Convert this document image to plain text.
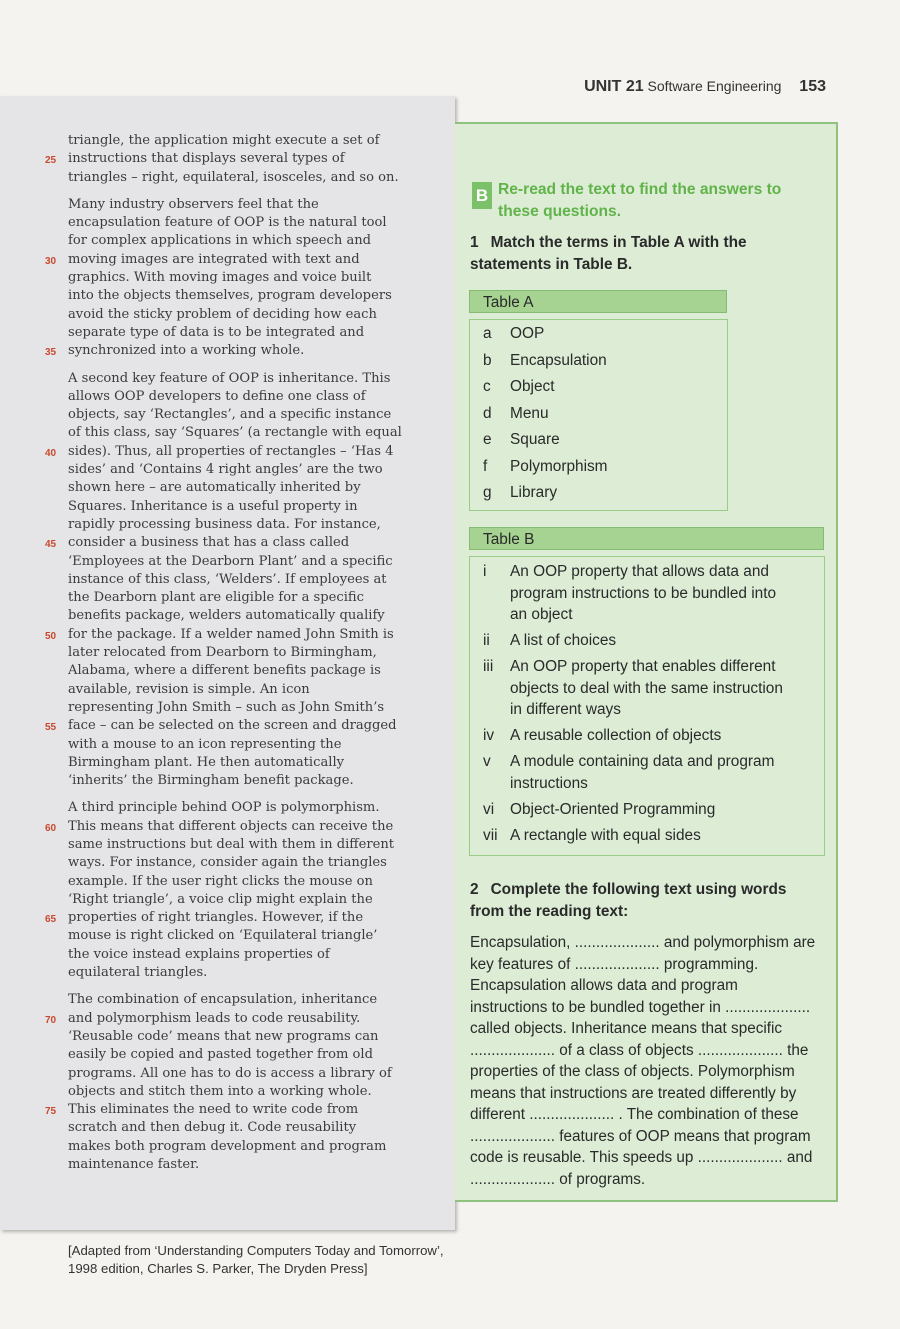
UNIT 21 Software Engineering 153
triangle, the application might execute a set of
instructions that displays several types of
25
triangles – right, equilateral, isosceles, and so on.
Many industry observers feel that the
encapsulation feature of OOP is the natural tool
for complex applications in which speech and
moving images are integrated with text and
30
graphics. With moving images and voice built
into the objects themselves, program developers
avoid the sticky problem of deciding how each
separate type of data is to be integrated and
synchronized into a working whole.
35
A second key feature of OOP is inheritance. This
allows OOP developers to define one class of
objects, say ‘Rectangles’, and a specific instance
of this class, say ‘Squares’ (a rectangle with equal
sides). Thus, all properties of rectangles – ‘Has 4
40
sides’ and ‘Contains 4 right angles’ are the two
shown here – are automatically inherited by
Squares. Inheritance is a useful property in
rapidly processing business data. For instance,
consider a business that has a class called
45
‘Employees at the Dearborn Plant’ and a specific
instance of this class, ‘Welders’. If employees at
the Dearborn plant are eligible for a specific
benefits package, welders automatically qualify
for the package. If a welder named John Smith is
50
later relocated from Dearborn to Birmingham,
Alabama, where a different benefits package is
available, revision is simple. An icon
representing John Smith – such as John Smith’s
face – can be selected on the screen and dragged
55
with a mouse to an icon representing the
Birmingham plant. He then automatically
‘inherits’ the Birmingham benefit package.
A third principle behind OOP is polymorphism.
This means that different objects can receive the
60
same instructions but deal with them in different
ways. For instance, consider again the triangles
example. If the user right clicks the mouse on
‘Right triangle’, a voice clip might explain the
properties of right triangles. However, if the
65
mouse is right clicked on ‘Equilateral triangle’
the voice instead explains properties of
equilateral triangles.
The combination of encapsulation, inheritance
and polymorphism leads to code reusability.
70
‘Reusable code’ means that new programs can
easily be copied and pasted together from old
programs. All one has to do is access a library of
objects and stitch them into a working whole.
This eliminates the need to write code from
75
scratch and then debug it. Code reusability
makes both program development and program
maintenance faster.
[Adapted from ‘Understanding Computers Today and Tomorrow’,
1998 edition, Charles S. Parker, The Dryden Press]
B Re-read the text to find the answers to
these questions.
1 Match the terms in Table A with the
statements in Table B.
Table A
a OOP
b Encapsulation
c Object
d Menu
e Square
f Polymorphism
g Library
Table B
i An OOP property that allows data and
program instructions to be bundled into
an object
ii A list of choices
iii An OOP property that enables different
objects to deal with the same instruction
in different ways
iv A reusable collection of objects
v A module containing data and program
instructions
vi Object-Oriented Programming
vii A rectangle with equal sides
2 Complete the following text using words
from the reading text:
Encapsulation, .................... and polymorphism are
key features of .................... programming.
Encapsulation allows data and program
instructions to be bundled together in ....................
called objects. Inheritance means that specific
.................... of a class of objects .................... the
properties of the class of objects. Polymorphism
means that instructions are treated differently by
different .................... . The combination of these
.................... features of OOP means that program
code is reusable. This speeds up .................... and
.................... of programs.
